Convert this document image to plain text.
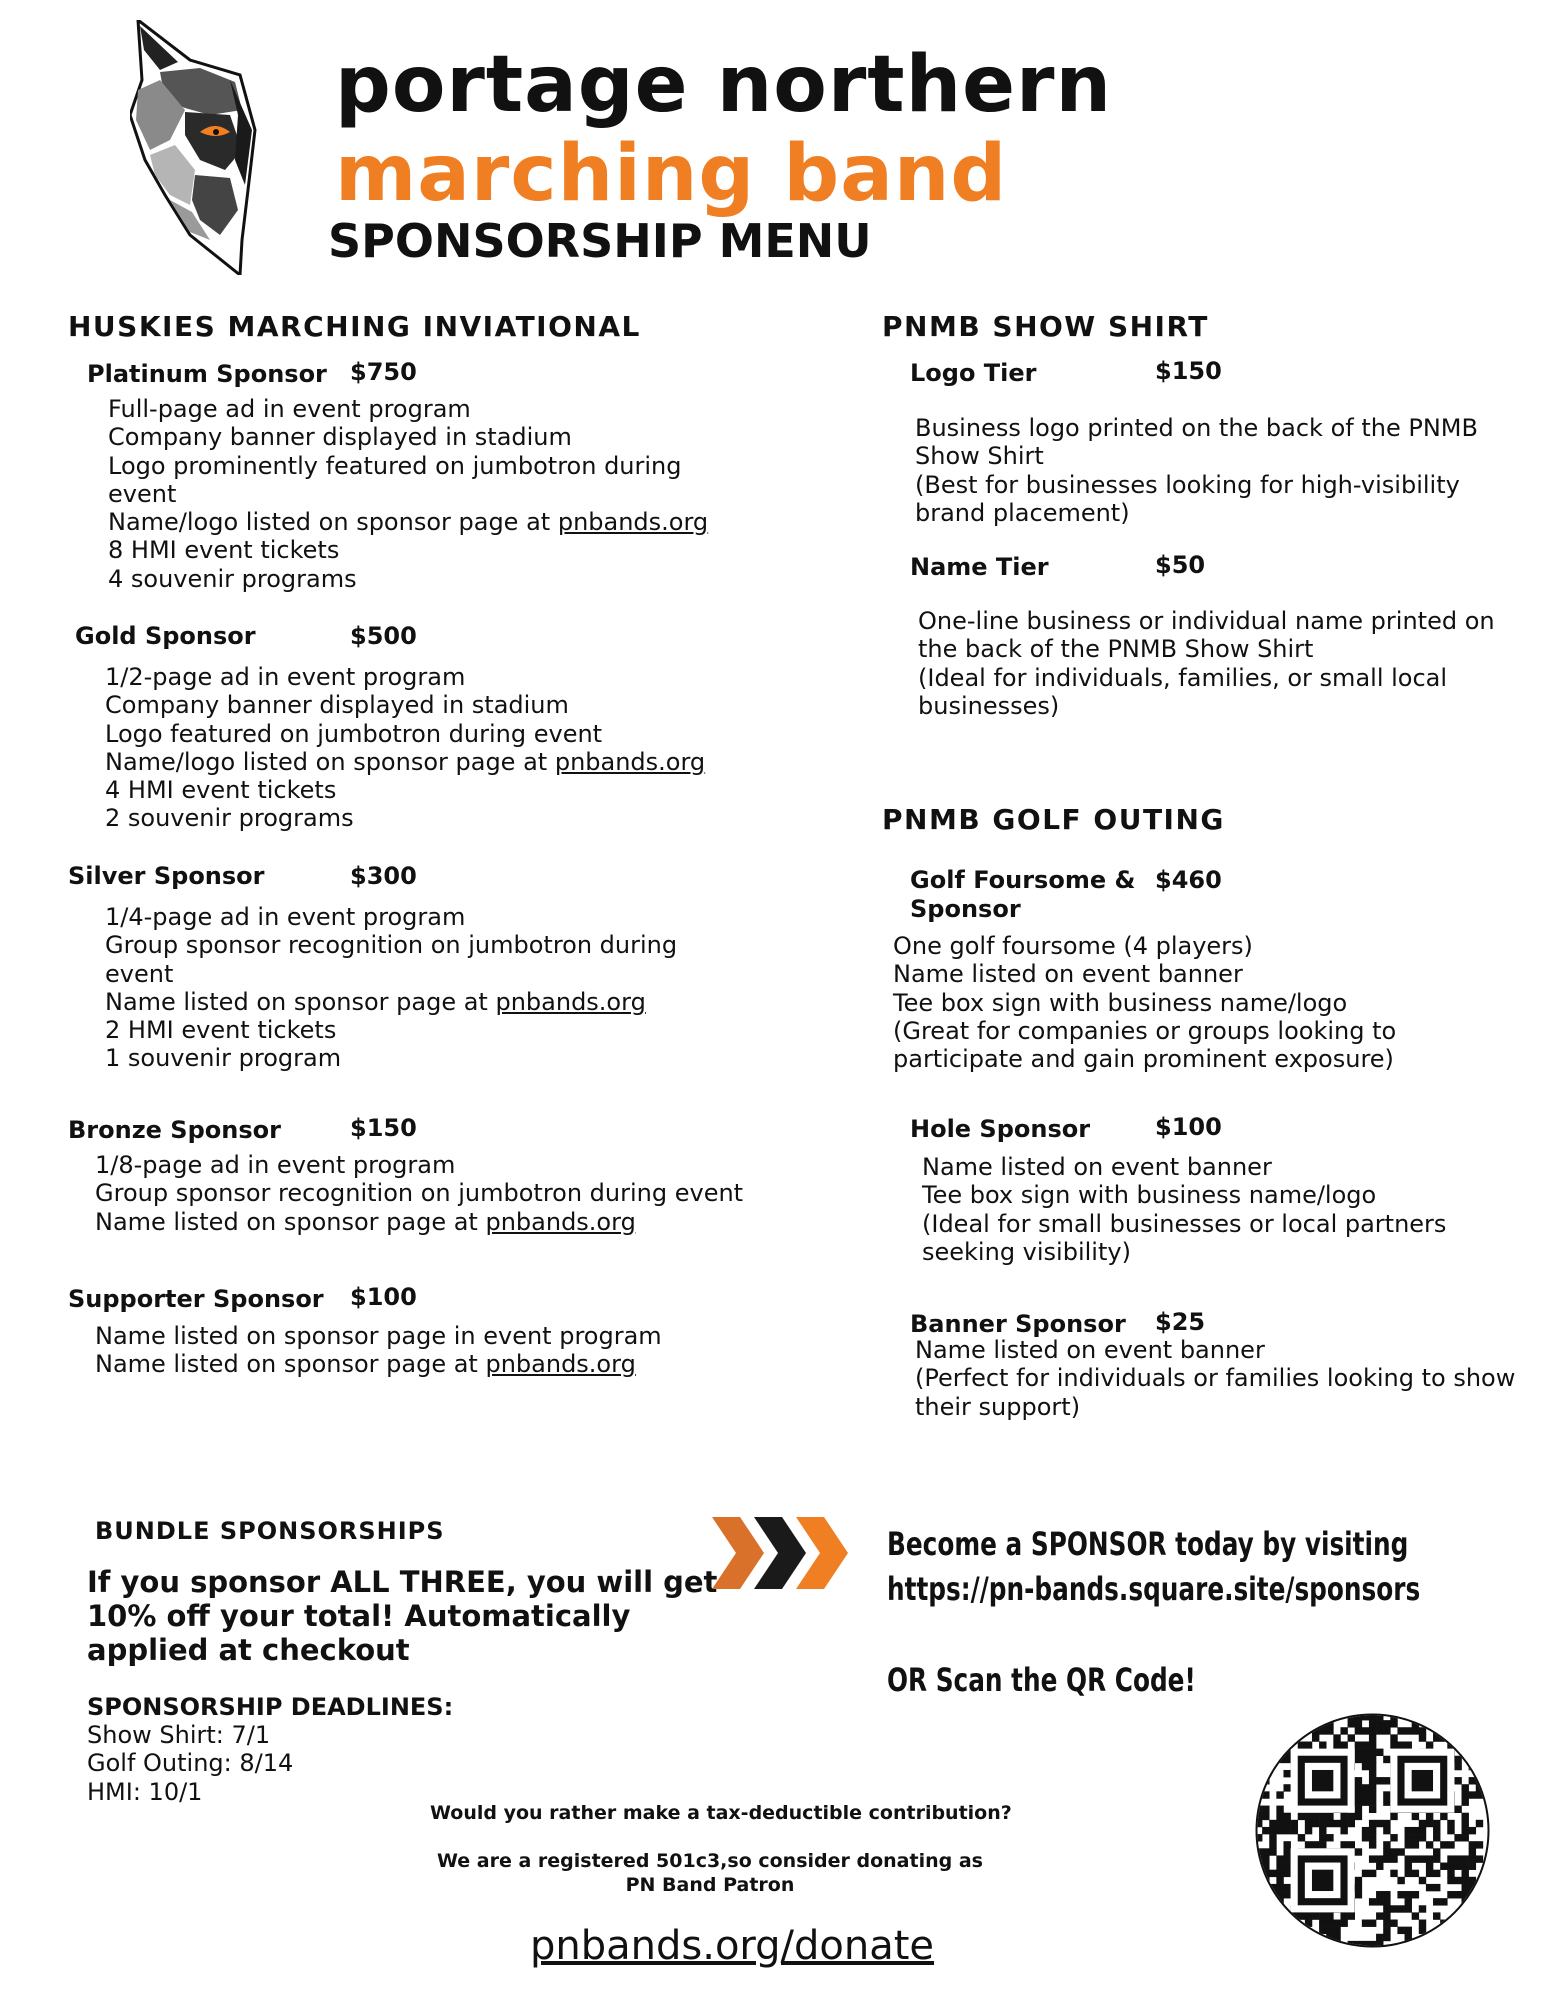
portage northern
marching band
SPONSORSHIP MENU
HUSKIES MARCHING INVIATIONAL
Platinum Sponsor $750
Full-page ad in event program
Company banner displayed in stadium
Logo prominently featured on jumbotron during
event
Name/logo listed on sponsor page at pnbands.org
8 HMI event tickets
4 souvenir programs
Gold Sponsor	$500
1/2-page ad in event program
Company banner displayed in stadium
Logo featured on jumbotron during event
Name/logo listed on sponsor page at pnbands.org
4 HMI event tickets
2 souvenir programs
Silver Sponsor	$300
1/4-page ad in event program
Group sponsor recognition on jumbotron during
event
Name listed on sponsor page at pnbands.org
2 HMI event tickets
1 souvenir program
Bronze Sponsor	$150
1/8-page ad in event program
Group sponsor recognition on jumbotron during event
Name listed on sponsor page at pnbands.org
Supporter Sponsor $100
Name listed on sponsor page in event program
Name listed on sponsor page at pnbands.org
PNMB SHOW SHIRT
Logo Tier	$150
Business logo printed on the back of the PNMB
Show Shirt
(Best for businesses looking for high-visibility
brand placement)
Name Tier	$50
One-line business or individual name printed on
the back of the PNMB Show Shirt
(Ideal for individuals, families, or small local
businesses)
PNMB GOLF OUTING
Golf Foursome &
Sponsor
$460
One golf foursome (4 players)
Name listed on event banner
Tee box sign with business name/logo
(Great for companies or groups looking to
participate and gain prominent exposure)
Hole Sponsor	$100
Name listed on event banner
Tee box sign with business name/logo
(Ideal for small businesses or local partners
seeking visibility)
Banner Sponsor $25
Name listed on event banner
(Perfect for individuals or families looking to show
their support)
BUNDLE SPONSORSHIPS
If you sponsor ALL THREE, you will get
10% off your total! Automatically
applied at checkout
SPONSORSHIP DEADLINES:
Show Shirt: 7/1
Golf Outing: 8/14
HMI: 10/1
Become a SPONSOR today by visiting
https://pn-bands.square.site/sponsors
OR Scan the QR Code!
Would you rather make a tax-deductible contribution?
We are a registered 501c3,so consider donating as
PN Band Patron
pnbands.org/donate
